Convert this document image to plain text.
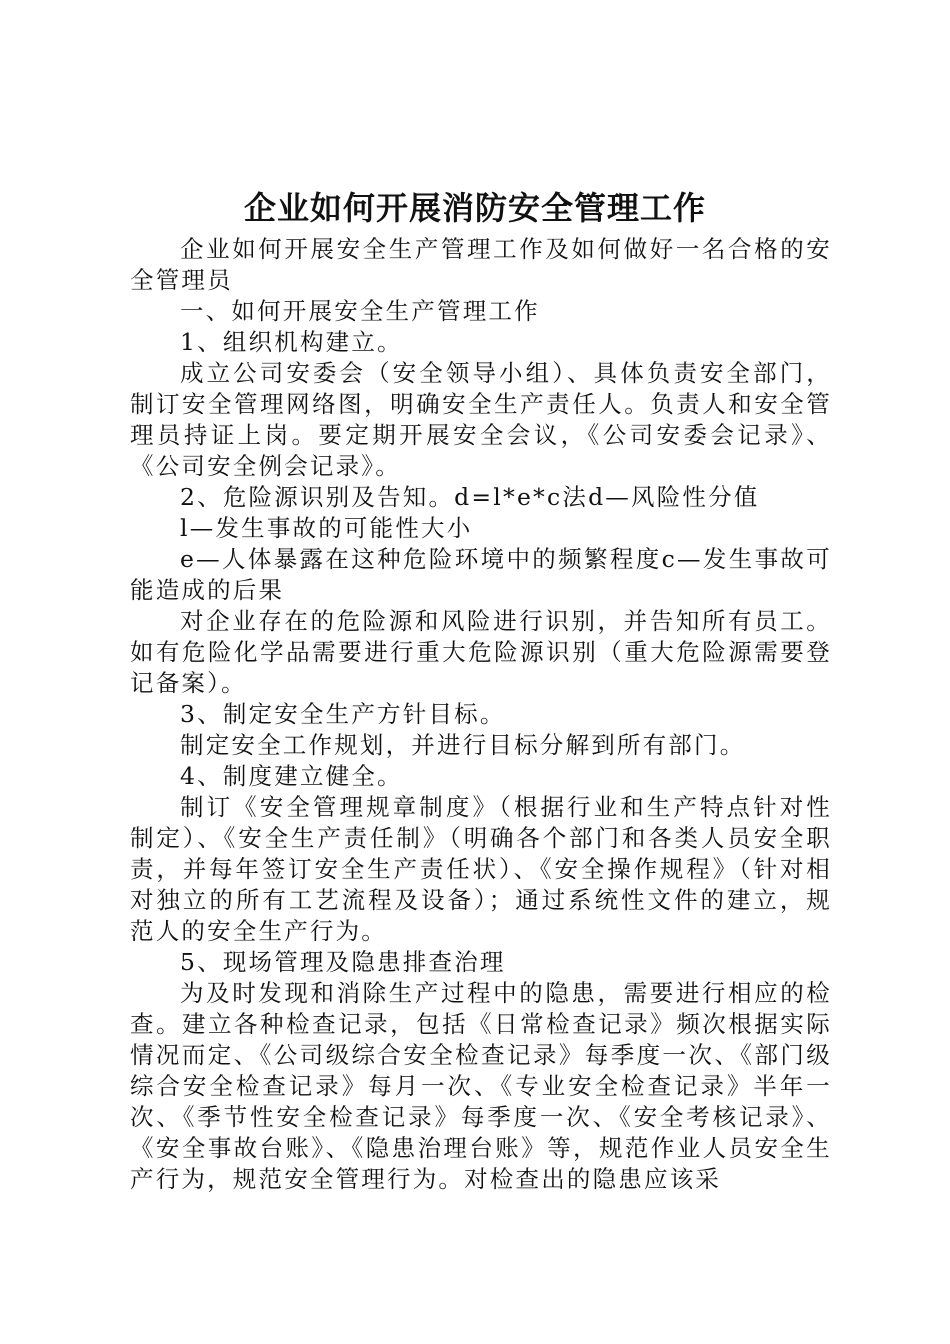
企业如何开展消防安全管理工作

企业如何开展安全生产管理工作及如何做好一名合格的安全管理员

一、如何开展安全生产管理工作

1、组织机构建立。

成立公司安委会（安全领导小组）、具体负责安全部门，制订安全管理网络图，明确安全生产责任人。负责人和安全管理员持证上岗。要定期开展安全会议，《公司安委会记录》、《公司安全例会记录》。

2、危险源识别及告知。d=l*e*c法d—风险性分值

l—发生事故的可能性大小

e—人体暴露在这种危险环境中的频繁程度c—发生事故可能造成的后果

对企业存在的危险源和风险进行识别，并告知所有员工。如有危险化学品需要进行重大危险源识别（重大危险源需要登记备案）。

3、制定安全生产方针目标。

制定安全工作规划，并进行目标分解到所有部门。

4、制度建立健全。

制订《安全管理规章制度》（根据行业和生产特点针对性制定）、《安全生产责任制》（明确各个部门和各类人员安全职责，并每年签订安全生产责任状）、《安全操作规程》（针对相对独立的所有工艺流程及设备）；通过系统性文件的建立，规范人的安全生产行为。

5、现场管理及隐患排查治理

为及时发现和消除生产过程中的隐患，需要进行相应的检查。建立各种检查记录，包括《日常检查记录》频次根据实际情况而定、《公司级综合安全检查记录》每季度一次、《部门级综合安全检查记录》每月一次、《专业安全检查记录》半年一次、《季节性安全检查记录》每季度一次、《安全考核记录》、《安全事故台账》、《隐患治理台账》等，规范作业人员安全生产行为，规范安全管理行为。对检查出的隐患应该采
